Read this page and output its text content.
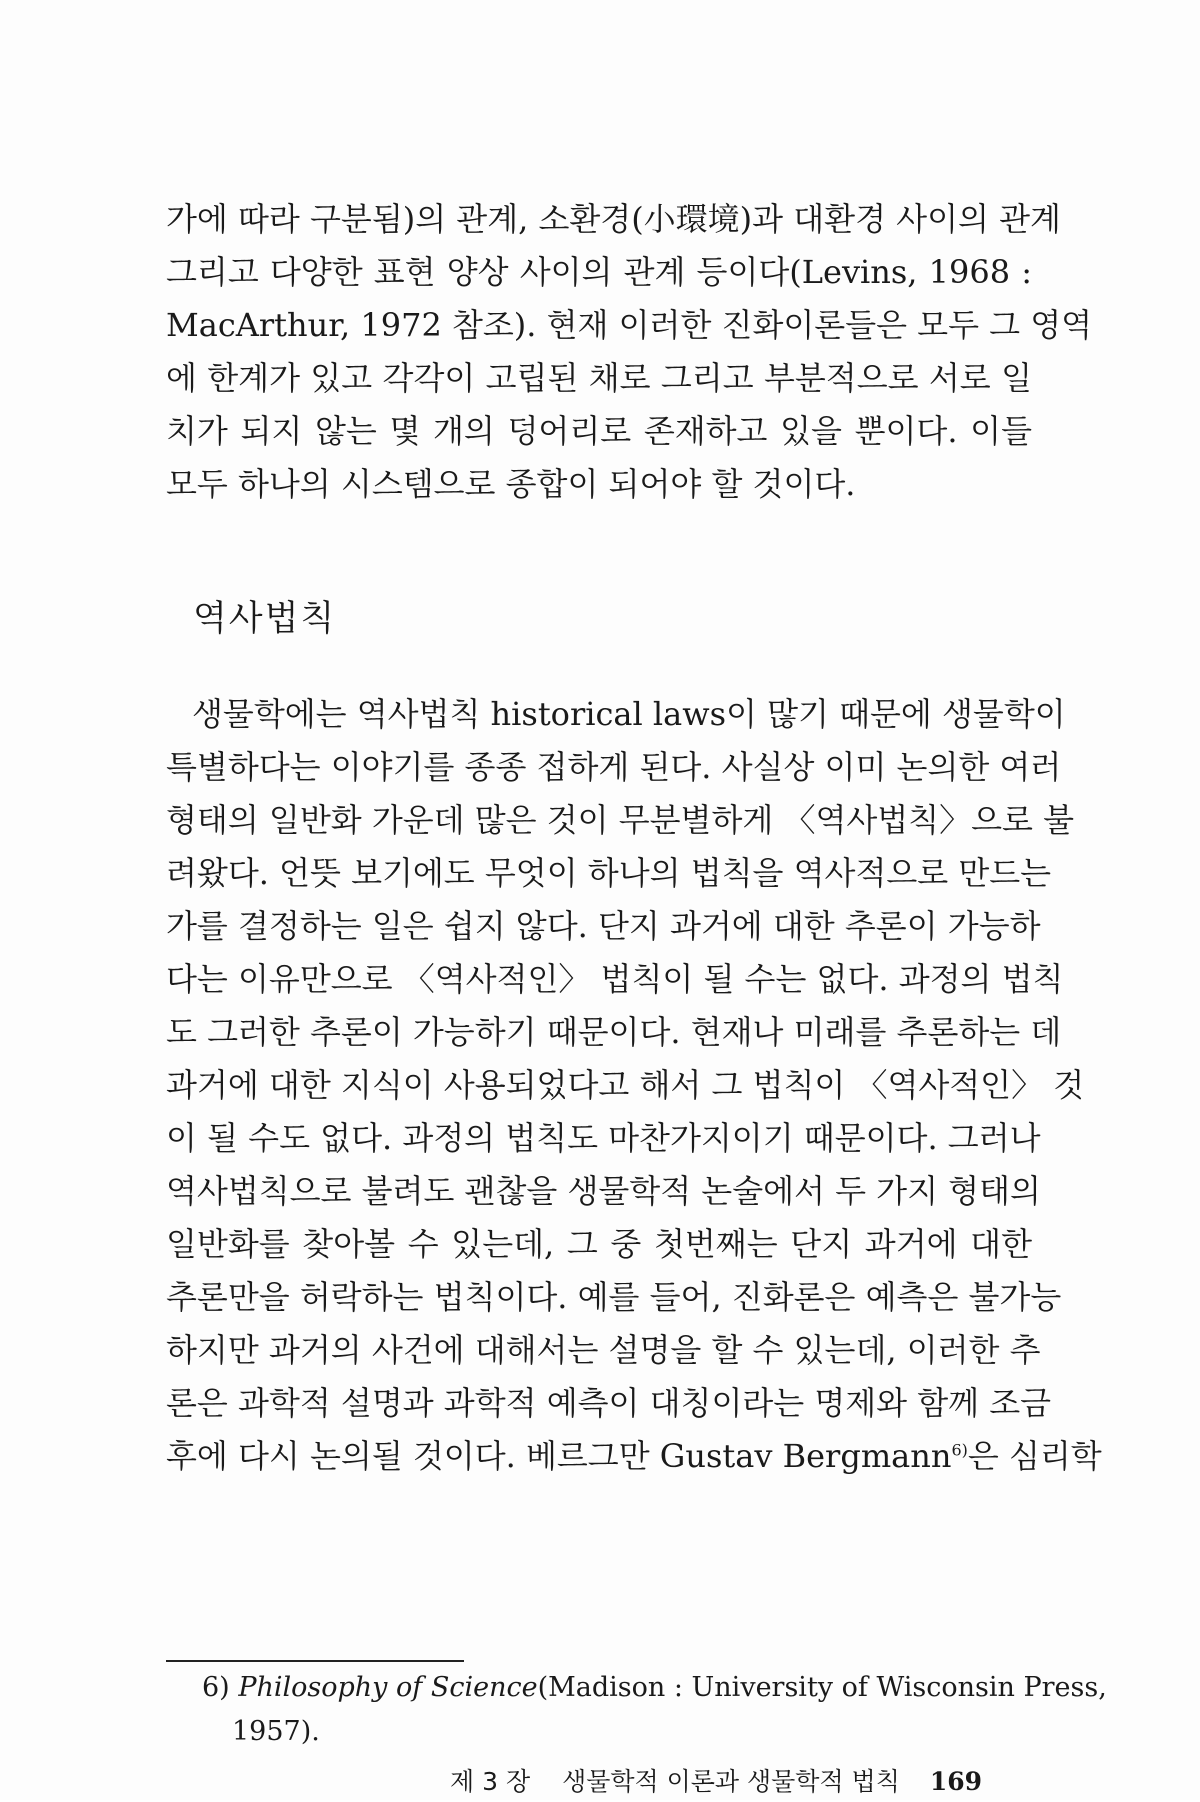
가에 따라 구분됨)의 관계, 소환경(小環境)과 대환경 사이의 관계
그리고 다양한 표현 양상 사이의 관계 등이다(Levins, 1968 :
MacArthur, 1972 참조). 현재 이러한 진화이론들은 모두 그 영역
에 한계가 있고 각각이 고립된 채로 그리고 부분적으로 서로 일
치가 되지 않는 몇 개의 덩어리로 존재하고 있을 뿐이다. 이들
모두 하나의 시스템으로 종합이 되어야 할 것이다.
역사법칙
생물학에는 역사법칙 historical laws이 많기 때문에 생물학이
특별하다는 이야기를 종종 접하게 된다. 사실상 이미 논의한 여러
형태의 일반화 가운데 많은 것이 무분별하게 〈역사법칙〉으로 불
려왔다. 언뜻 보기에도 무엇이 하나의 법칙을 역사적으로 만드는
가를 결정하는 일은 쉽지 않다. 단지 과거에 대한 추론이 가능하
다는 이유만으로 〈역사적인〉 법칙이 될 수는 없다. 과정의 법칙
도 그러한 추론이 가능하기 때문이다. 현재나 미래를 추론하는 데
과거에 대한 지식이 사용되었다고 해서 그 법칙이 〈역사적인〉 것
이 될 수도 없다. 과정의 법칙도 마찬가지이기 때문이다. 그러나
역사법칙으로 불려도 괜찮을 생물학적 논술에서 두 가지 형태의
일반화를 찾아볼 수 있는데, 그 중 첫번째는 단지 과거에 대한
추론만을 허락하는 법칙이다. 예를 들어, 진화론은 예측은 불가능
하지만 과거의 사건에 대해서는 설명을 할 수 있는데, 이러한 추
론은 과학적 설명과 과학적 예측이 대칭이라는 명제와 함께 조금
후에 다시 논의될 것이다. 베르그만 Gustav Bergmann$^{6)}$은 심리학
6) Philosophy of Science(Madison : University of Wisconsin Press,
1957).
제 3 장 생물학적 이론과 생물학적 법칙 169
